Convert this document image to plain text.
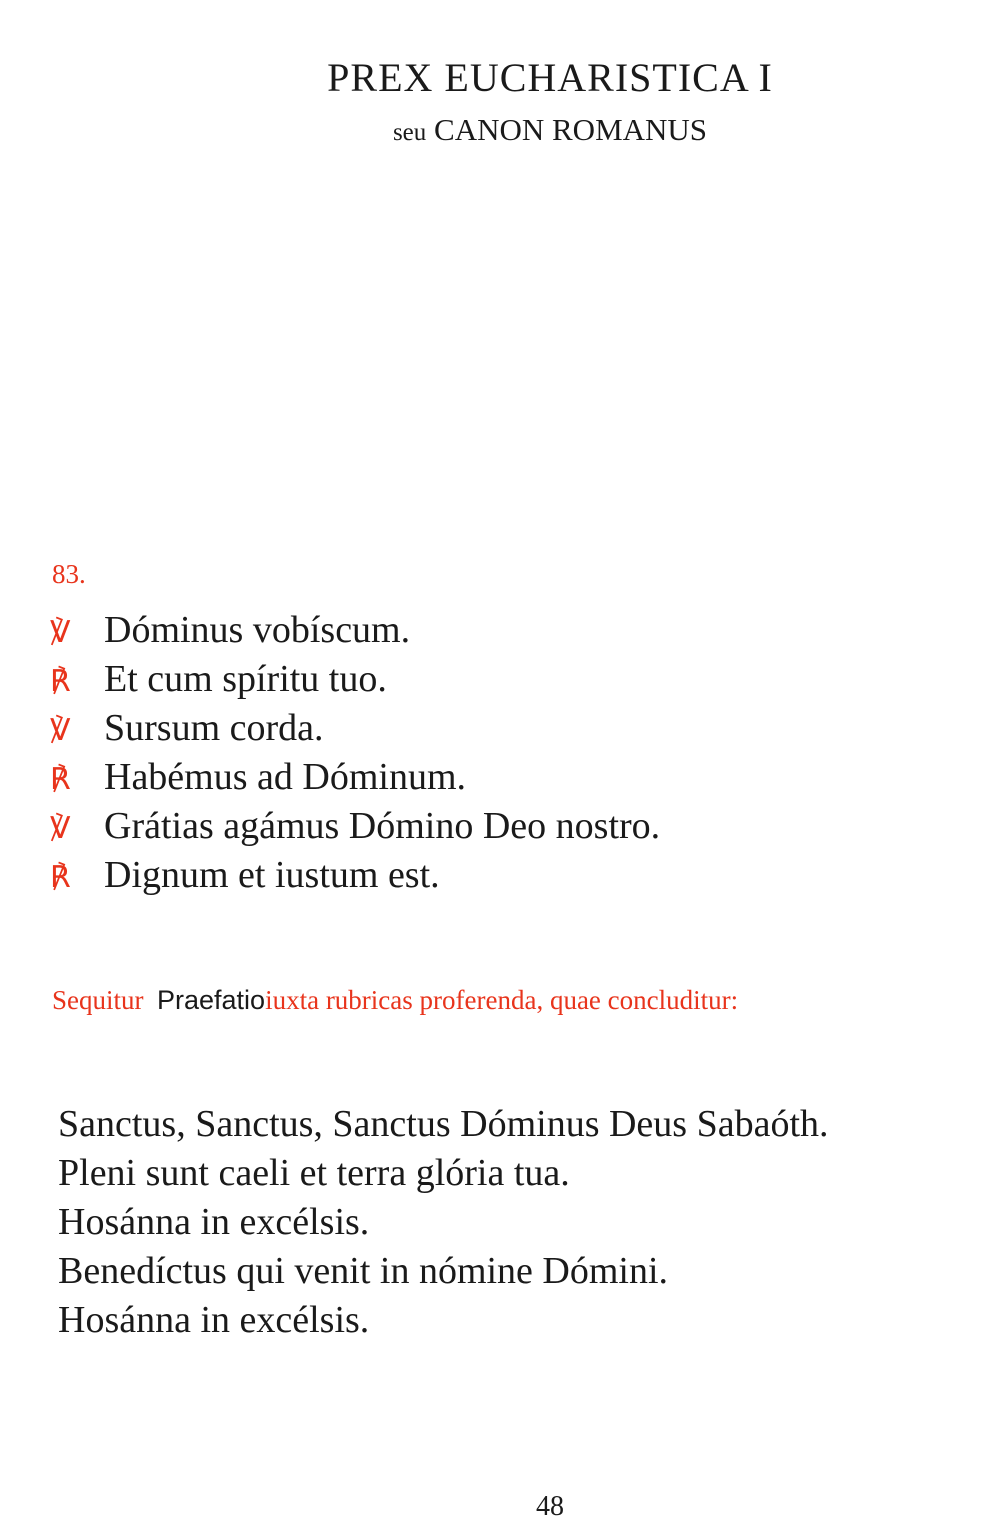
PREX EUCHARISTICA I
seu CANON ROMANUS
83.
℣ Dóminus vobíscum.
℟ Et cum spíritu tuo.
℣ Sursum corda.
℟ Habémus ad Dóminum.
℣ Grátias agámus Dómino Deo nostro.
℟ Dignum et iustum est.
Sequitur Praefatioiuxta rubricas proferenda, quae concluditur:
Sanctus, Sanctus, Sanctus Dóminus Deus Sabaóth.
Pleni sunt caeli et terra glória tua.
Hosánna in excélsis.
Benedíctus qui venit in nómine Dómini.
Hosánna in excélsis.
48
